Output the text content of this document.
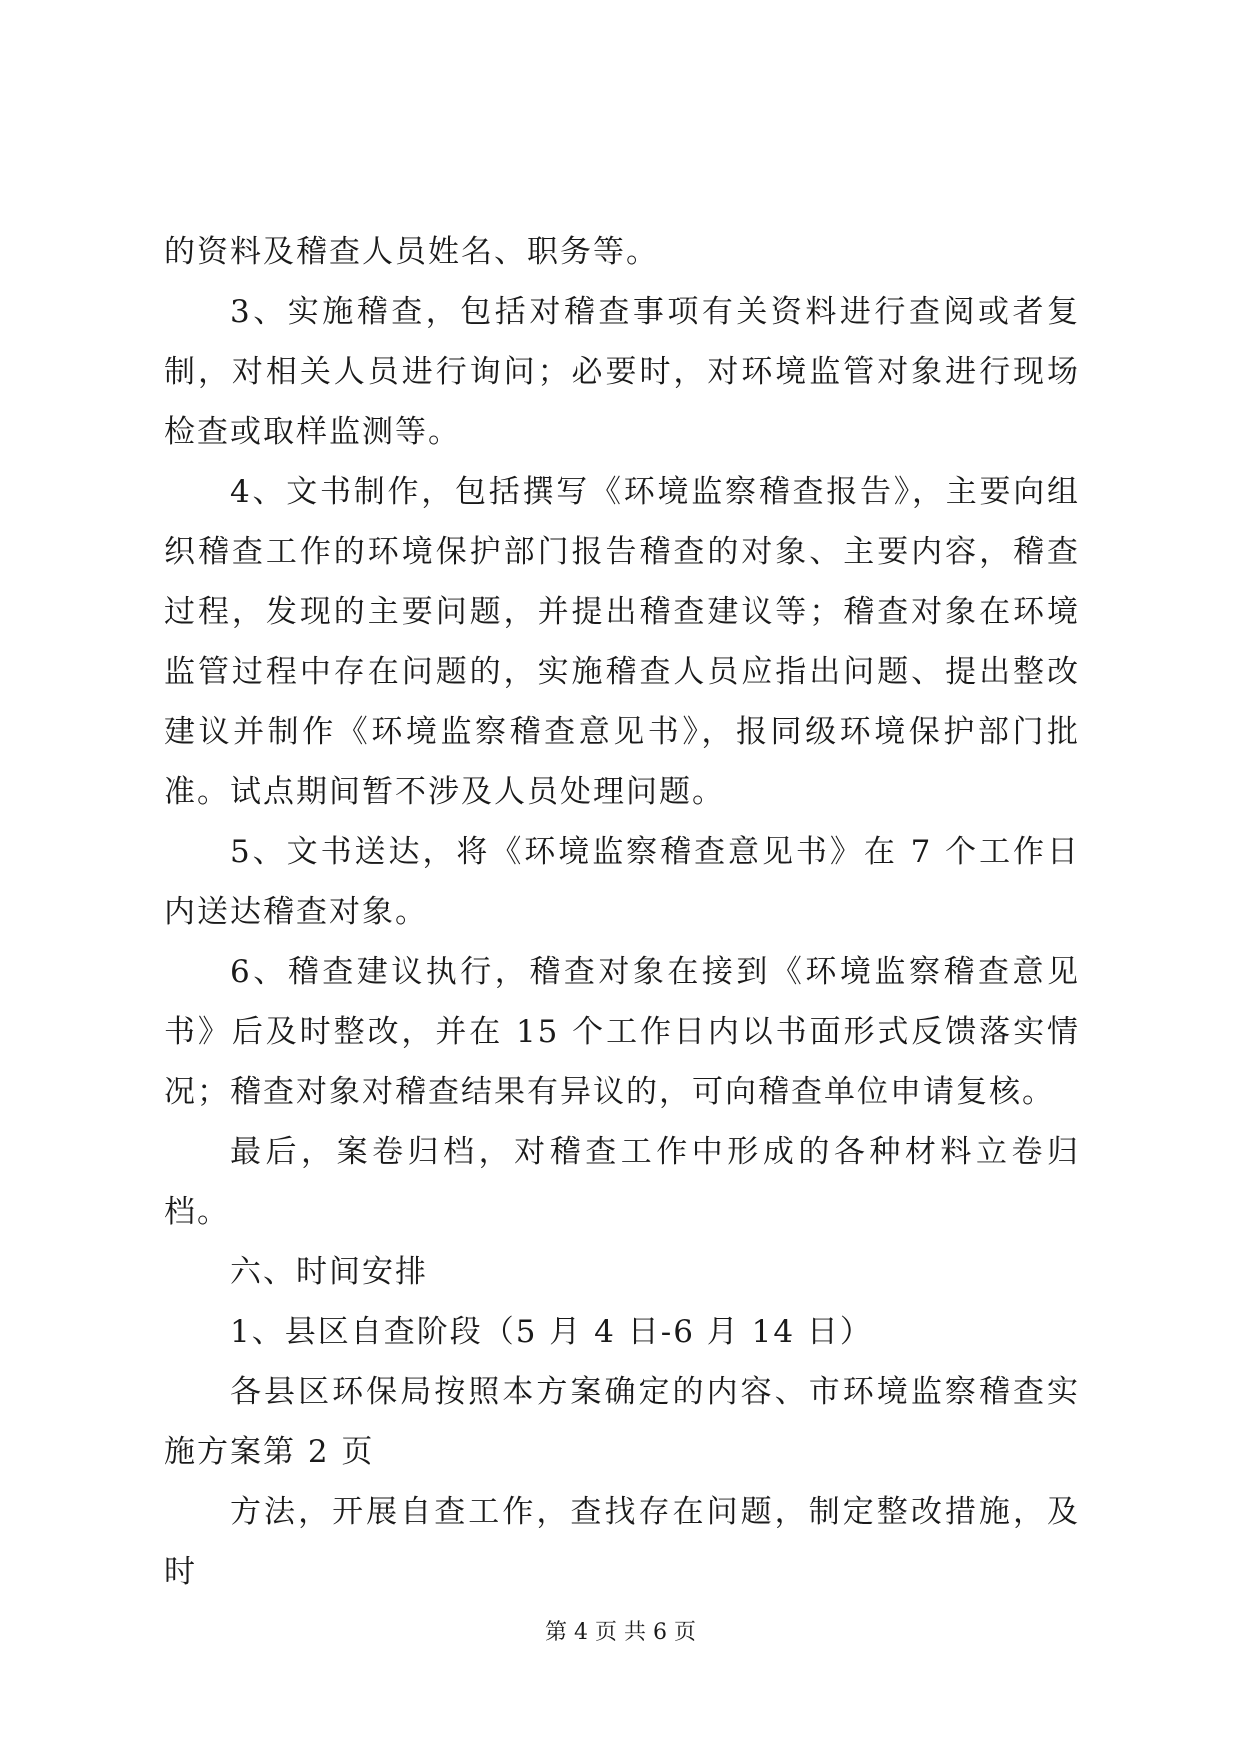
的资料及稽查人员姓名、职务等。

3、实施稽查，包括对稽查事项有关资料进行查阅或者复制，对相关人员进行询问；必要时，对环境监管对象进行现场检查或取样监测等。

4、文书制作，包括撰写《环境监察稽查报告》，主要向组织稽查工作的环境保护部门报告稽查的对象、主要内容，稽查过程，发现的主要问题，并提出稽查建议等；稽查对象在环境监管过程中存在问题的，实施稽查人员应指出问题、提出整改建议并制作《环境监察稽查意见书》，报同级环境保护部门批准。试点期间暂不涉及人员处理问题。

5、文书送达，将《环境监察稽查意见书》在 7 个工作日内送达稽查对象。

6、稽查建议执行，稽查对象在接到《环境监察稽查意见书》后及时整改，并在 15 个工作日内以书面形式反馈落实情况；稽查对象对稽查结果有异议的，可向稽查单位申请复核。

最后，案卷归档，对稽查工作中形成的各种材料立卷归档。

六、时间安排

1、县区自查阶段（5 月 4 日-6 月 14 日）

各县区环保局按照本方案确定的内容、市环境监察稽查实施方案第 2 页

方法，开展自查工作，查找存在问题，制定整改措施，及时

第 4 页 共 6 页
